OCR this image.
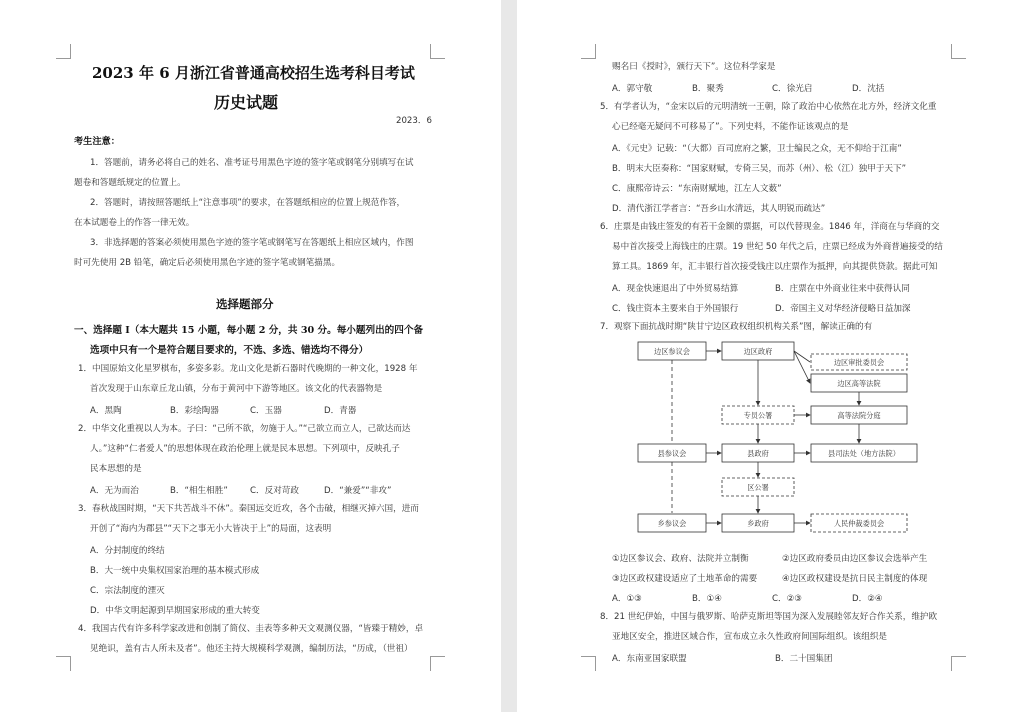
2023 年 6 月浙江省普通高校招生选考科目考试
历史试题
2023．6
考生注意：
1．答题前，请务必将自己的姓名、准考证号用黑色字迹的签字笔或钢笔分别填写在试
题卷和答题纸规定的位置上。
2．答题时，请按照答题纸上“注意事项”的要求，在答题纸相应的位置上规范作答，
在本试题卷上的作答一律无效。
3．非选择题的答案必须使用黑色字迹的签字笔或钢笔写在答题纸上相应区域内，作图
时可先使用 2B 铅笔，确定后必须使用黑色字迹的签字笔或钢笔描黑。
选择题部分
一、选择题 I（本大题共 15 小题，每小题 2 分，共 30 分。每小题列出的四个备
选项中只有一个是符合题目要求的，不选、多选、错选均不得分）
1．中国原始文化星罗棋布，多姿多彩。龙山文化是新石器时代晚期的一种文化，1928 年
首次发现于山东章丘龙山镇，分布于黄河中下游等地区。该文化的代表器物是
A．黑陶	B．彩绘陶器	C．玉器	D．青器
2．中华文化重视以人为本。子曰：“己所不欲，勿施于人。”“己欲立而立人，己欲达而达
人。”这种“仁者爱人”的思想体现在政治伦理上就是民本思想。下列项中，反映孔子
民本思想的是
A．无为而治	B．“相生相胜”	C．反对苛政	D．“兼爱”“非攻”
3．春秋战国时期，“天下共苦战斗不休”。秦国远交近攻，各个击破，相继灭掉六国，进而
开创了“海内为郡县”“天下之事无小大皆决于上”的局面，这表明
A．分封制度的终结
B．大一统中央集权国家治理的基本模式形成
C．宗法制度的湮灭
D．中华文明起源到早期国家形成的重大转变
4．我国古代有许多科学家改进和创制了简仪、圭表等多种天文观测仪器，“皆臻于精妙，卓
见绝识，盖有古人所未及者”。他还主持大规模科学观测，编制历法，“历成，（世祖）
赐名曰《授时》，颁行天下”。这位科学家是
A．郭守敬	B．聚秀	C．徐光启	D．沈括
5．有学者认为，“金宋以后的元明清统一王朝，除了政治中心依然在北方外，经济文化重
心已经毫无疑问不可移易了”。下列史料，不能作证该观点的是
A．《元史》记载：“（大都）百司庶府之繁，卫士编民之众，无不仰给于江南”
B．明末大臣奏称：“国家财赋，专倚三吴，而苏（州）、松（江）独甲于天下”
C．康熙帝诗云：“东南财赋地，江左人文薮”
D．清代浙江学者言：“吾乡山水清远，其人明锐而疏达”
6．庄票是由钱庄签发的有若干金额的票据，可以代替现金。1846 年，洋商在与华商的交
易中首次接受上海钱庄的庄票。19 世纪 50 年代之后，庄票已经成为外商普遍接受的结
算工具。1869 年，汇丰银行首次接受钱庄以庄票作为抵押，向其提供贷款。据此可知
A．现金快速退出了中外贸易结算	B．庄票在中外商业往来中获得认同
C．钱庄资本主要来自于外国银行	D．帝国主义对华经济侵略日益加深
7．观察下面抗战时期“陕甘宁边区政权组织机构关系”图，解读正确的有
边区参议会	边区政府
边区审批委员会
边区高等法院
专员公署	高等法院分庭
县参议会	县政府	县司法处（地方法院）
区公署
乡参议会	乡政府	人民仲裁委员会
①边区参议会、政府、法院并立制衡	②边区政府委员由边区参议会选举产生
③边区政权建设适应了土地革命的需要	④边区政权建设是抗日民主制度的体现
A．①③	B．①④	C．②③	D．②④
8．21 世纪伊始，中国与俄罗斯、哈萨克斯坦等国为深入发展睦邻友好合作关系，维护欧
亚地区安全，推进区域合作，宣布成立永久性政府间国际组织。该组织是
A．东南亚国家联盟	B．二十国集团
